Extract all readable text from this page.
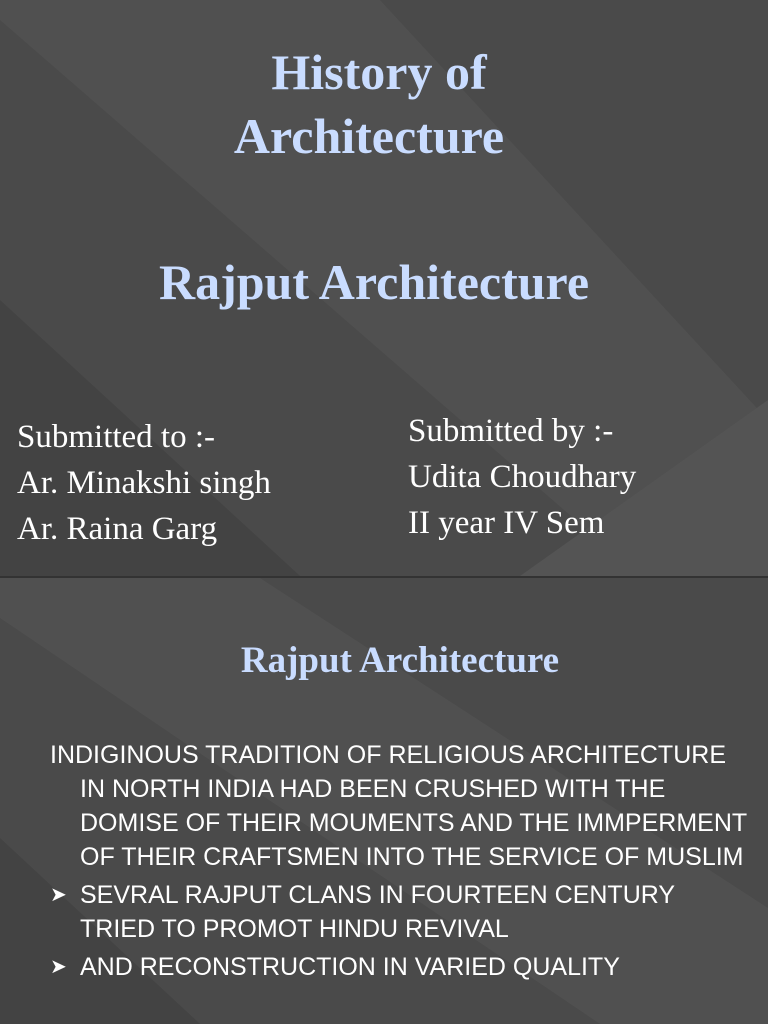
History of
Architecture
Rajput Architecture
Submitted to :-
Ar. Minakshi singh
Ar. Raina Garg
Submitted by :-
Udita Choudhary
II year IV Sem
Rajput Architecture

INDIGINOUS TRADITION OF RELIGIOUS ARCHITECTURE IN NORTH INDIA HAD BEEN CRUSHED WITH THE DOMISE OF THEIR MOUMENTS AND THE IMMPERMENT OF THEIR CRAFTSMEN INTO THE SERVICE OF MUSLIM

➤ SEVRAL RAJPUT CLANS IN FOURTEEN CENTURY TRIED TO PROMOT HINDU REVIVAL
➤ AND RECONSTRUCTION IN VARIED QUALITY
